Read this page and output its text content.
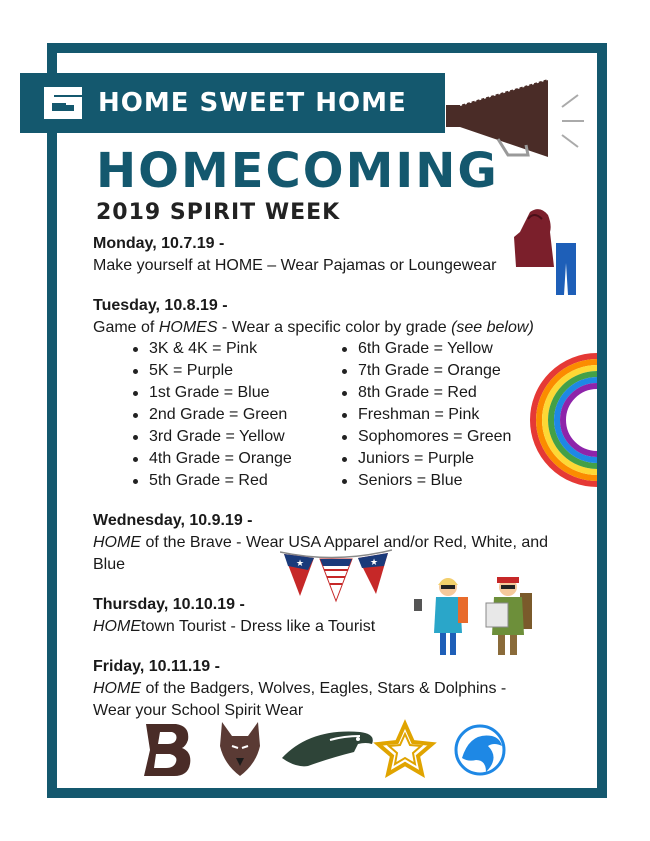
HOME SWEET HOME
HOMECOMING
2019 SPIRIT WEEK
Monday, 10.7.19 -
Make yourself at HOME – Wear Pajamas or Loungewear
Tuesday, 10.8.19 -
Game of HOMES - Wear a specific color by grade (see below)
3K & 4K = Pink
5K = Purple
1st Grade = Blue
2nd Grade = Green
3rd Grade = Yellow
4th Grade = Orange
5th Grade = Red
6th Grade = Yellow
7th Grade = Orange
8th Grade = Red
Freshman = Pink
Sophomores = Green
Juniors = Purple
Seniors = Blue
Wednesday, 10.9.19 -
HOME of the Brave - Wear USA Apparel and/or Red, White, and
Blue	★	★
Thursday, 10.10.19 -
HOMEtown Tourist - Dress like a Tourist
Friday, 10.11.19 -
HOME of the Badgers, Wolves, Eagles, Stars & Dolphins -
Wear your School Spirit Wear
